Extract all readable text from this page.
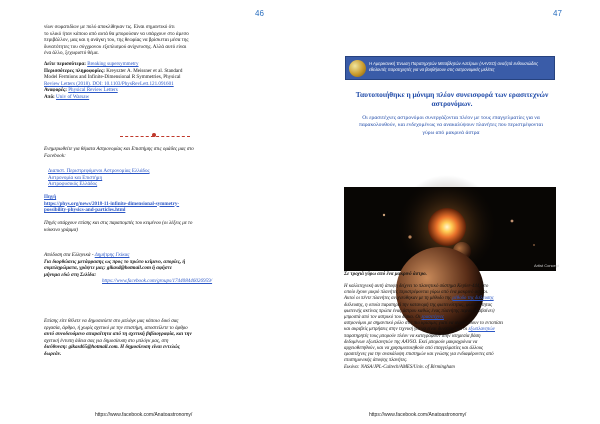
46
νίων σωματιδίων με πολύ αποκλίθηκαν τις. Είναι σημαντικό ότι
το υλικό ήταν κάποιο από αυτά θα μπορούσαν να υπάρχουν στο άμεσο
περιβάλλον, μας και η ανάγκη του, της θεωρίας να βρίσκεται μέσα της
δυνατότητες του σύγχρονου εξοπλισμού ανίχνευσης. Αλλά αυτό είναι
ένα άλλο, ξεχωριστό θέμα.
Δείτε περισσότερα: Breaking supersymmetry
Περισσότερες πληροφορίες: Kreyszter A. Meissner et al. Standard
Model Fermions and Infinite-Dimensional R Symmetries, Physical
Review Letters (2018). DOI: 10.1103/PhysRevLett.121.091601
Αναφορές: Physical Review Letters
Από: Univ of Warsaw
Ενημερωθείτε για θέματα Αστρονομίας και Επιστήμης στις ομάδες μας στο
Facebook:
Διαπιστ. Περιστρεφόμενοι Αστρονομίας Ελλάδος
Αστρονομία και Επιστήμη
Αστροφυσικός Ελλάδος
Πηγή
https://phys.org/news/2018-11-infinite-dimensional-symmetry-
possibility-physics-and-particles.html
Πηγές υπάρχουν επίσης και στις παραπομπές του κειμένου (οι λέξεις με το
κόκκινο γράμμα)
Απόδοση στα Ελληνικά - Δημήτρης Γκίκας
Για διορθώσεις μετάφρασης ως προς το πρώτο κείμενο, απορίες, ή
συμπληρώματα, γράψτε μας: gikasd@hotmail.com ή αφήστε
μήνυμα εδώ στη Σελίδα:
https://www.facebook.com/groups/174408446026959/
Επίσης είτε θέλετε να δημοσιεύετε στο μπλόγκ μας κάποιο δικό σας
εργασία, άρθρο, ή χωρίς σχετικό με την επιστήμη, αποστείλετε το άρθρο
αυτό συνοδευόμενο απαραίτητα από τη σχετική βιβλιογραφία, και την
σχετική έντυπη άδεια σας για δημοσίευση στο μπλόγκ μας, στη
διεύθυνση: gikasd65@hotmail.com. Η δημοσίευση είναι εντελώς
δωρεάν.
https://www.facebook.com/Anatoastronomy/
47
Η Αμερικανική Ένωση Παρατηρητών Μεταβλητών Αστέρων (AAVSO) αναζητά ενθουσιώδεις εθελοντές παρατηρητές για να βοηθήσουν στις αστρονομικές μελέτες
Ταυτοποιήθηκε η μόνιμη πλέον συνεισφορά των ερασιτεχνών αστρονόμων.
Οι ερασιτέχνες αστρονόμοι συνεργάζονται πλέον με τους επαγγελματίες για να παρακολουθούν, και ενδεχομένως να ανακαλύψουν πλανήτες που περιστρέφονται γύρω από μακρινά άστρα
Artist Concept
Σε τροχιά γύρω από ένα μακρινό άστρο.
Η καλλιτεχνική αυτή άποψη δείχνει το πλανητικό σύστημα Kepler-444, στο
οποίο έχουν μικρό πλανήτες περιστρέφονται γύρω από ένα μακρινό αστέρι.
Αυτοί οι πέντε πλανήτες ανιχνεύθηκαν με τη μέθοδο της μέθοδο της διέλευσης
διέλευσης, η οποία παρατηρεί την κατανομή της φωτεινότητας, φωτεινότητας
φωτεινής ακτίνας πρώτα ένας άστρου καθώς ένας πλανήτης περνά (διαβαίνει)
μπροστά από τον αστρικό του δίσκο. Οι ερασιτέχνες
αστρονόμοι με σημαντικό ρόλο στις πιο κρίσιμες γιατί να ανιχνεύσουν το εντοπίσει
και ακριβείς μετρήσεις στην τεχνική για να είναι δυνατόν, και οι εξωπλανητών
παρατηρητές τους μπορούν πλέον να κατεγραφούν στην υπηρεσία βάση
δεδομένων εξωπλανητών της AAVSO. Εκεί μπορούν μακροχρόνια να
αρχειοθετηθούν, και να χρησιμοποιηθούν από επαγγελματίες και άλλους
ερασιτέχνες για την ανακάλυψη επιστημών και γνώσης για ενδιαφέροντες από
επιστημονικής άποψης πλανήτες.
Εικόνα: NASA/JPL-Caltech/AMES/Univ. of Birmingham
https://www.facebook.com/Anatoastronomy/
